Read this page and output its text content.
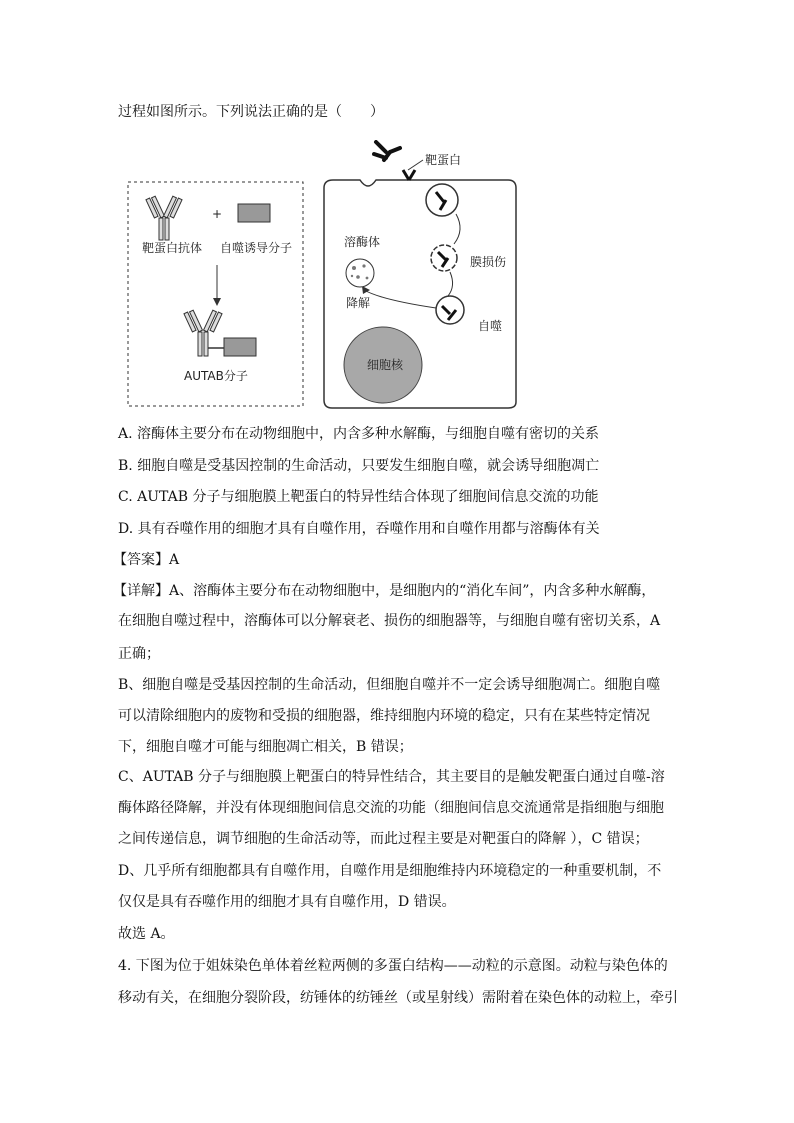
过程如图所示。下列说法正确的是（　　）
+
靶蛋白抗体 自噬诱导分子
AUTAB分子
靶蛋白
膜损伤
自噬
溶酶体
降解
细胞核
A. 溶酶体主要分布在动物细胞中，内含多种水解酶，与细胞自噬有密切的关系
B. 细胞自噬是受基因控制的生命活动，只要发生细胞自噬，就会诱导细胞凋亡
C. AUTAB 分子与细胞膜上靶蛋白的特异性结合体现了细胞间信息交流的功能
D. 具有吞噬作用的细胞才具有自噬作用，吞噬作用和自噬作用都与溶酶体有关
【答案】A
【详解】A、溶酶体主要分布在动物细胞中，是细胞内的“消化车间”，内含多种水解酶，
在细胞自噬过程中，溶酶体可以分解衰老、损伤的细胞器等，与细胞自噬有密切关系，A
正确；
B、细胞自噬是受基因控制的生命活动，但细胞自噬并不一定会诱导细胞凋亡。细胞自噬
可以清除细胞内的废物和受损的细胞器，维持细胞内环境的稳定，只有在某些特定情况
下，细胞自噬才可能与细胞凋亡相关，B 错误；
C、AUTAB 分子与细胞膜上靶蛋白的特异性结合，其主要目的是触发靶蛋白通过自噬-溶
酶体路径降解，并没有体现细胞间信息交流的功能（细胞间信息交流通常是指细胞与细胞
之间传递信息，调节细胞的生命活动等，而此过程主要是对靶蛋白的降解 ），C 错误；
D、几乎所有细胞都具有自噬作用，自噬作用是细胞维持内环境稳定的一种重要机制，不
仅仅是具有吞噬作用的细胞才具有自噬作用，D 错误。
故选 A。
4. 下图为位于姐妹染色单体着丝粒两侧的多蛋白结构——动粒的示意图。动粒与染色体的
移动有关，在细胞分裂阶段，纺锤体的纺锤丝（或星射线）需附着在染色体的动粒上，牵引
